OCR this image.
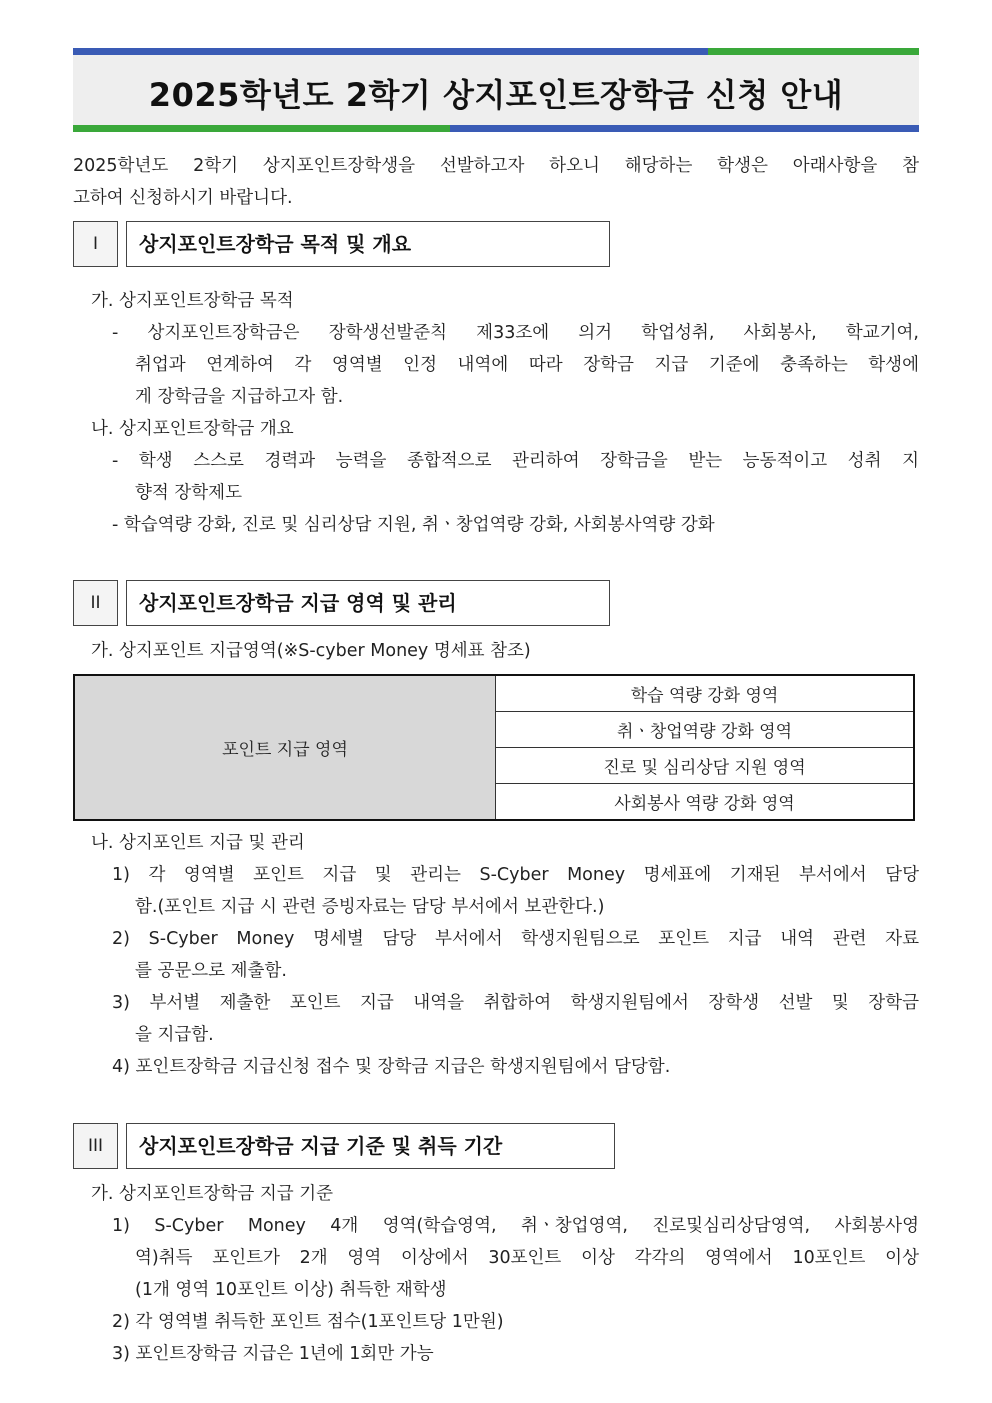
2025학년도 2학기 상지포인트장학금 신청 안내
2025학년도 2학기 상지포인트장학생을 선발하고자 하오니 해당하는 학생은 아래사항을 참
고하여 신청하시기 바랍니다.
I	상지포인트장학금 목적 및 개요
가. 상지포인트장학금 목적
- 상지포인트장학금은 장학생선발준칙 제33조에 의거 학업성취, 사회봉사, 학교기여,
취업과 연계하여 각 영역별 인정 내역에 따라 장학금 지급 기준에 충족하는 학생에
게 장학금을 지급하고자 함.
나. 상지포인트장학금 개요
- 학생 스스로 경력과 능력을 종합적으로 관리하여 장학금을 받는 능동적이고 성취 지
향적 장학제도
- 학습역량 강화, 진로 및 심리상담 지원, 취ㆍ창업역량 강화, 사회봉사역량 강화
II	상지포인트장학금 지급 영역 및 관리
가. 상지포인트 지급영역(※S-cyber Money 명세표 참조)
포인트 지급 영역	학습 역량 강화 영역
취ㆍ창업역량 강화 영역
진로 및 심리상담 지원 영역
사회봉사 역량 강화 영역
나. 상지포인트 지급 및 관리
1) 각 영역별 포인트 지급 및 관리는 S-Cyber Money 명세표에 기재된 부서에서 담당
함.(포인트 지급 시 관련 증빙자료는 담당 부서에서 보관한다.)
2) S-Cyber Money 명세별 담당 부서에서 학생지원팀으로 포인트 지급 내역 관련 자료
를 공문으로 제출함.
3) 부서별 제출한 포인트 지급 내역을 취합하여 학생지원팀에서 장학생 선발 및 장학금
을 지급함.
4) 포인트장학금 지급신청 접수 및 장학금 지급은 학생지원팀에서 담당함.
III	상지포인트장학금 지급 기준 및 취득 기간
가. 상지포인트장학금 지급 기준
1) S-Cyber Money 4개 영역(학습영역, 취ㆍ창업영역, 진로및심리상담영역, 사회봉사영
역)취득 포인트가 2개 영역 이상에서 30포인트 이상 각각의 영역에서 10포인트 이상
(1개 영역 10포인트 이상) 취득한 재학생
2) 각 영역별 취득한 포인트 점수(1포인트당 1만원)
3) 포인트장학금 지급은 1년에 1회만 가능
